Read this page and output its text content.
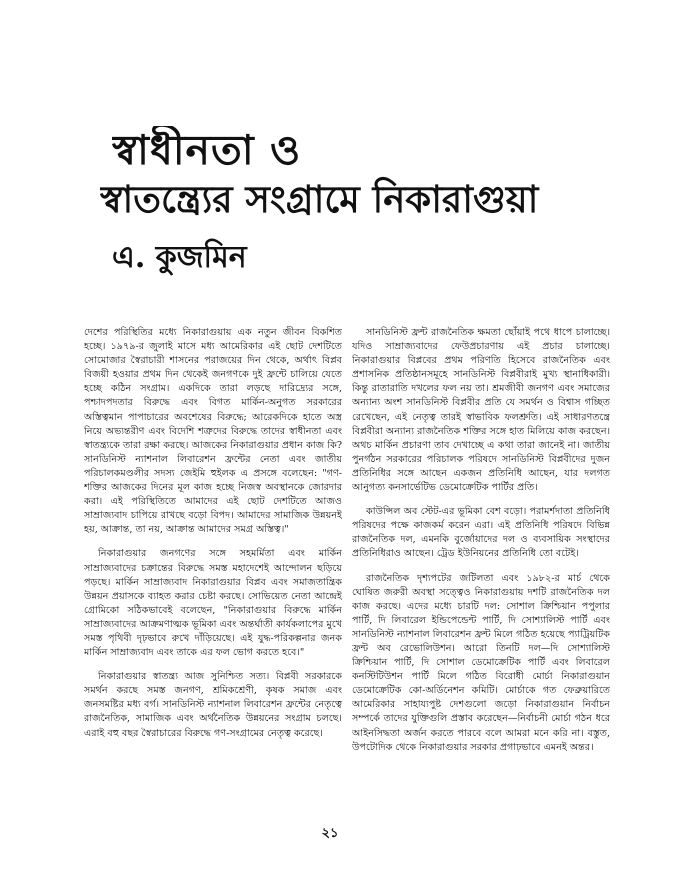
স্বাধীনতা ও
স্বাতন্ত্র্যের সংগ্রামে নিকারাগুয়া
এ. কুজমিন

দেশের পরিস্থিতির মধ্যে নিকারাগুয়ায় এক নতুন জীবন বিকশিত হচ্ছে। ১৯৭৯-র জুলাই মাসে মধ্য আমেরিকার এই ছোট দেশটিতে সোমোজার স্বৈরাচারী শাসনের পরাজয়ের দিন থেকে, অর্থাৎ বিপ্লব বিজয়ী হওয়ার প্রথম দিন থেকেই জনগণকে দুই ফ্রন্টে চালিয়ে যেতে হচ্ছে কঠিন সংগ্রাম। একদিকে তারা লড়ছে দারিদ্র্যের সঙ্গে, পশ্চাদপদতার বিরুদ্ধে এবং বিগত মার্কিন-অনুগত সরকারের অস্তিত্বমান পাপাচারের অবশেষের বিরুদ্ধে; আরেকদিকে হাতে অস্ত্র নিয়ে অভ্যন্তরীণ এবং বিদেশি শত্রুদের বিরুদ্ধে তাদের স্বাধীনতা এবং স্বাতন্ত্র্যকে তারা রক্ষা করছে। আজকের নিকারাগুয়ার প্রধান কাজ কি? সানডিনিস্ট ন্যাশনাল লিবারেশন ফ্রন্টের নেতা এবং জাতীয় পরিচালকমণ্ডলীর সদস্য জেইমি হুইলক এ প্রসঙ্গে বলেছেন: "গণ-শক্তির আজকের দিনের মূল কাজ হচ্ছে নিজস্ব অবস্থানকে জোরদার করা। এই পরিস্থিতিতে আমাদের এই ছোট দেশটিতে আজও সাম্রাজ্যবাদ চাপিয়ে রাখছে বড়ো বিপদ। আমাদের সামাজিক উন্নয়নই হয়, আক্রান্ত, তা নয়, আক্রান্ত আমাদের সমগ্র অস্তিত্ব।"

নিকারাগুয়ার জনগণের সঙ্গে সহমর্মিতা এবং মার্কিন সাম্রাজ্যবাদের চক্রান্তের বিরুদ্ধে সমস্ত মহাদেশেই আন্দোলন ছড়িয়ে পড়ছে। মার্কিন সাম্রাজ্যবাদ নিকারাগুয়ার বিপ্লব এবং সমাজতান্ত্রিক উন্নয়ন প্রয়াসকে ব্যাহত করার চেষ্টা করছে। সোভিয়েত নেতা আন্দ্রেই গ্রোমিকো সঠিকভাবেই বলেছেন, "নিকারাগুয়ার বিরুদ্ধে মার্কিন সাম্রাজ্যবাদের আক্রমণাত্মক ভূমিকা এবং অন্তর্ঘাতী কার্যকলাপের মুখে সমস্ত পৃথিবী দৃঢ়ভাবে রুখে দাঁড়িয়েছে। এই যুদ্ধ-পরিকল্পনার জনক মার্কিন সাম্রাজ্যবাদ এবং তাকে এর ফল ভোগ করতে হবে।"

নিকারাগুয়ার স্বাতন্ত্র্য আজ সুনিশ্চিত সত্য। বিপ্লবী সরকারকে সমর্থন করছে সমস্ত জনগণ, শ্রমিকশ্রেণী, কৃষক সমাজ এবং জনসমষ্টির মধ্য বর্গ। সানডিনিস্ট ন্যাশনাল লিবারেশন ফ্রন্টের নেতৃত্বে রাজনৈতিক, সামাজিক এবং অর্থনৈতিক উন্নয়নের সংগ্রাম চলছে। এরাই বহু বছর স্বৈরাচারের বিরুদ্ধে গণ-সংগ্রামের নেতৃত্ব করেছে।

সানডিনিস্ট ফ্রন্ট রাজনৈতিক ক্ষমতা ছোঁয়াই পথে ধাপে চালাচ্ছে। যদিও সাম্রাজ্যবাদের ফেউপ্রচারণায় এই প্রচার চালাচ্ছে। নিকারাগুয়ার বিপ্লবের প্রথম পরিণতি হিসেবে রাজনৈতিক এবং প্রশাসনিক প্রতিষ্ঠানসমূহে সানডিনিস্ট বিপ্লবীরাই মুখ্য স্থানাধিকারী। কিন্তু রাতারাতি দখলের ফল নয় তা। শ্রমজীবী জনগণ এবং সমাজের অন্যান্য অংশ সানডিনিস্ট বিপ্লবীর প্রতি যে সমর্থন ও বিশ্বাস গচ্ছিত রেখেছেন, এই নেতৃত্ব তারই স্বাভাবিক ফলশ্রুতি। এই সাধারণতন্ত্রে বিপ্লবীরা অন্যান্য রাজনৈতিক শক্তির সঙ্গে হাত মিলিয়ে কাজ করছেন। অথচ মার্কিন প্রচারণা তাব দেখাচ্ছে এ কথা তারা জানেই না। জাতীয় পুনর্গঠন সরকারের পরিচালক পরিষদে সানডিনিস্ট বিপ্লবীদের দুজন প্রতিনিধির সঙ্গে আছেন একজন প্রতিনিধি আছেন, যার দলগত আনুগত্য কনসার্ভেটিভ ডেমোক্রেটিক পার্টির প্রতি।

কাউন্সিল অব স্টেট-এর ভূমিকা বেশ বড়ো। পরামর্শদাতা প্রতিনিধি পরিষদের পক্ষে কাজকর্ম করেন এরা। এই প্রতিনিধি পরিষদে বিভিন্ন রাজনৈতিক দল, এমনকি বুর্জোয়াদের দল ও ব্যবসায়িক সংস্থাদের প্রতিনিধিরাও আছেন। ট্রেড ইউনিয়নের প্রতিনিধি তো বটেই।

রাজনৈতিক দৃশ্যপটের জটিলতা এবং ১৯৮২-র মার্চ থেকে ঘোষিত জরুরী অবস্থা সত্ত্বেও নিকারাগুয়ায় দশটি রাজনৈতিক দল কাজ করছে। এদের মধ্যে চারটি দল: সোশাল ক্রিশ্চিয়ান পপুলার পার্টি, দি লিবারেল ইন্ডিপেন্ডেন্ট পার্টি, দি সোশ্যালিস্ট পার্টি এবং সানডিনিস্ট ন্যাশনাল লিবারেশন ফ্রন্ট মিলে গঠিত হয়েছে প্যাট্রিয়টিক ফ্রন্ট অব রেভোলিউশন। আরো তিনটি দল—দি সোশ্যালিস্ট ক্রিশ্চিয়ান পার্টি, দি সোশাল ডেমোক্রেটিক পার্টি এবং লিবারেল কনস্টিটিউশন পার্টি মিলে গঠিত বিরোধী মোর্চা নিকারাগুয়ান ডেমোক্রেটিক কো-অর্ডিনেশন কমিটি। মোর্চাকে গত ফেব্রুয়ারিতে আমেরিকার সাহায্যপুষ্ট দেশগুলো জড়ো নিকারাগুয়ান নির্বাচন সম্পর্কে তাদের যুক্তিগুলি প্রস্তাব করেছেন—নির্বাচনী মোর্চা গঠন ধরে আইনসিদ্ধতা অর্জন করতে পারবে বলে আমরা মনে করি না। বস্তুত, উপটোদিক থেকে নিকারাগুয়ার সরকার প্রগাঢ়ভাবে এমনই অন্তর।

২১
